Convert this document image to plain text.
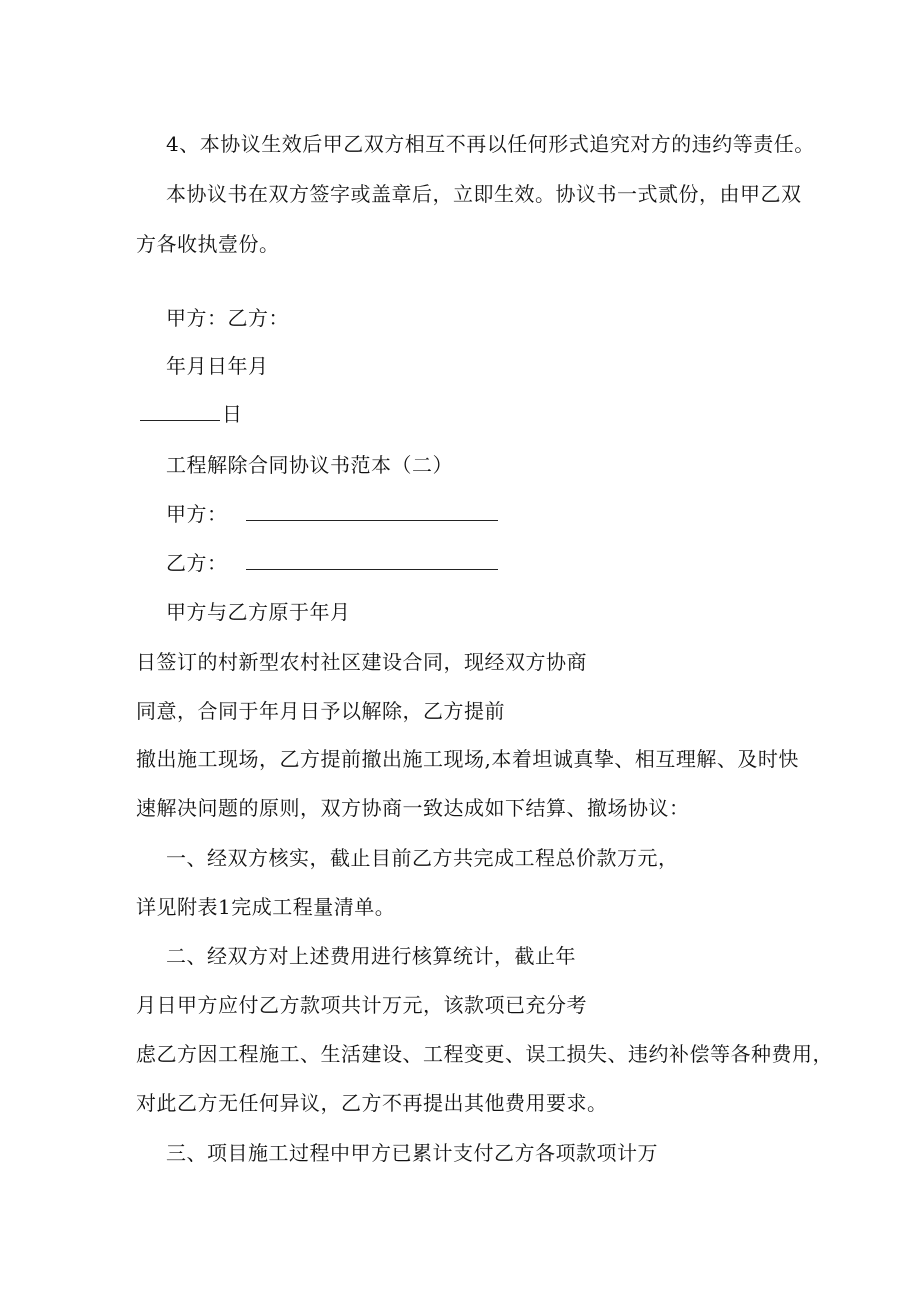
4、本协议生效后甲乙双方相互不再以任何形式追究对方的违约等责任。
本协议书在双方签字或盖章后，立即生效。协议书一式贰份，由甲乙双
方各收执壹份。
甲方：乙方：
年月日年月
日
工程解除合同协议书范本（二）
甲方：
乙方：
甲方与乙方原于年月
日签订的村新型农村社区建设合同，现经双方协商
同意，合同于年月日予以解除，乙方提前
撤出施工现场，乙方提前撤出施工现场,本着坦诚真挚、相互理解、及时快
速解决问题的原则，双方协商一致达成如下结算、撤场协议：
一、经双方核实，截止目前乙方共完成工程总价款万元，
详见附表1完成工程量清单。
二、经双方对上述费用进行核算统计，截止年
月日甲方应付乙方款项共计万元，该款项已充分考
虑乙方因工程施工、生活建设、工程变更、误工损失、违约补偿等各种费用，
对此乙方无任何异议，乙方不再提出其他费用要求。
三、项目施工过程中甲方已累计支付乙方各项款项计万
